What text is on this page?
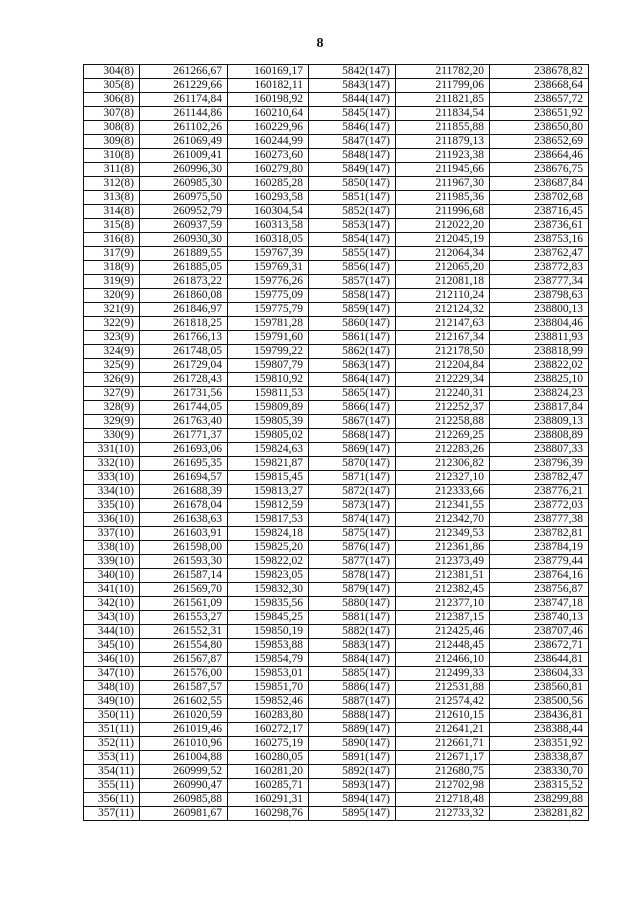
8
304(8)	261266,67	160169,17	5842(147)	211782,20	238678,82
305(8)	261229,66	160182,11	5843(147)	211799,06	238668,64
306(8)	261174,84	160198,92	5844(147)	211821,85	238657,72
307(8)	261144,86	160210,64	5845(147)	211834,54	238651,92
308(8)	261102,26	160229,96	5846(147)	211855,88	238650,80
309(8)	261069,49	160244,99	5847(147)	211879,13	238652,69
310(8)	261009,41	160273,60	5848(147)	211923,38	238664,46
311(8)	260996,30	160279,80	5849(147)	211945,66	238676,75
312(8)	260985,30	160285,28	5850(147)	211967,30	238687,84
313(8)	260975,50	160293,58	5851(147)	211985,36	238702,68
314(8)	260952,79	160304,54	5852(147)	211996,68	238716,45
315(8)	260937,59	160313,58	5853(147)	212022,20	238736,61
316(8)	260930,30	160318,05	5854(147)	212045,19	238753,16
317(9)	261889,55	159767,39	5855(147)	212064,34	238762,47
318(9)	261885,05	159769,31	5856(147)	212065,20	238772,83
319(9)	261873,22	159776,26	5857(147)	212081,18	238777,34
320(9)	261860,08	159775,09	5858(147)	212110,24	238798,63
321(9)	261846,97	159775,79	5859(147)	212124,32	238800,13
322(9)	261818,25	159781,28	5860(147)	212147,63	238804,46
323(9)	261766,13	159791,60	5861(147)	212167,34	238811,93
324(9)	261748,05	159799,22	5862(147)	212178,50	238818,99
325(9)	261729,04	159807,79	5863(147)	212204,84	238822,02
326(9)	261728,43	159810,92	5864(147)	212229,34	238825,10
327(9)	261731,56	159811,53	5865(147)	212240,31	238824,23
328(9)	261744,05	159809,89	5866(147)	212252,37	238817,84
329(9)	261763,40	159805,39	5867(147)	212258,88	238809,13
330(9)	261771,37	159805,02	5868(147)	212269,25	238808,89
331(10)	261693,06	159824,63	5869(147)	212283,26	238807,33
332(10)	261695,35	159821,87	5870(147)	212306,82	238796,39
333(10)	261694,57	159815,45	5871(147)	212327,10	238782,47
334(10)	261688,39	159813,27	5872(147)	212333,66	238776,21
335(10)	261678,04	159812,59	5873(147)	212341,55	238772,03
336(10)	261638,63	159817,53	5874(147)	212342,70	238777,38
337(10)	261603,91	159824,18	5875(147)	212349,53	238782,81
338(10)	261598,00	159825,20	5876(147)	212361,86	238784,19
339(10)	261593,30	159822,02	5877(147)	212373,49	238779,44
340(10)	261587,14	159823,05	5878(147)	212381,51	238764,16
341(10)	261569,70	159832,30	5879(147)	212382,45	238756,87
342(10)	261561,09	159835,56	5880(147)	212377,10	238747,18
343(10)	261553,27	159845,25	5881(147)	212387,15	238740,13
344(10)	261552,31	159850,19	5882(147)	212425,46	238707,46
345(10)	261554,80	159853,88	5883(147)	212448,45	238672,71
346(10)	261567,87	159854,79	5884(147)	212466,10	238644,81
347(10)	261576,00	159853,01	5885(147)	212499,33	238604,33
348(10)	261587,57	159851,70	5886(147)	212531,88	238560,81
349(10)	261602,55	159852,46	5887(147)	212574,42	238500,56
350(11)	261020,59	160283,80	5888(147)	212610,15	238436,81
351(11)	261019,46	160272,17	5889(147)	212641,21	238388,44
352(11)	261010,96	160275,19	5890(147)	212661,71	238351,92
353(11)	261004,88	160280,05	5891(147)	212671,17	238338,87
354(11)	260999,52	160281,20	5892(147)	212680,75	238330,70
355(11)	260990,47	160285,71	5893(147)	212702,98	238315,52
356(11)	260985,88	160291,31	5894(147)	212718,48	238299,88
357(11)	260981,67	160298,76	5895(147)	212733,32	238281,82
